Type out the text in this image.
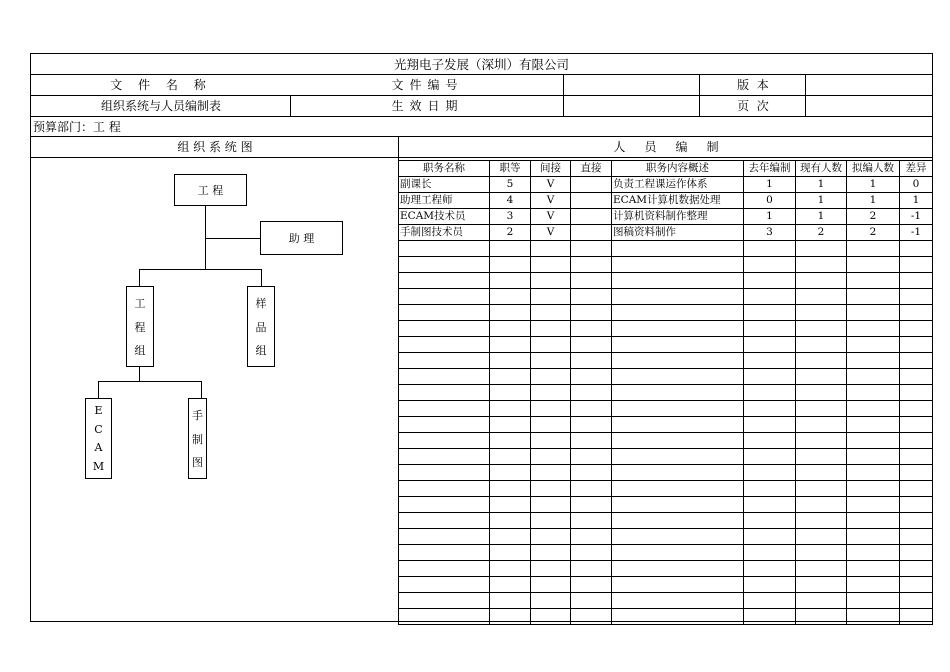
光翔电子发展（深圳）有限公司
文 件 名 称	文件编号	版  本
组织系统与人员编制表	生效日期	页  次
预算部门：工 程
组 织 系 统 图	人     员     编     制
工 程
助 理
工
程
组
样
品
组
E
C
A
M
手
制
图
职务名称	职等	间接	直接	职务内容概述	去年编制	现有人数	拟编人数	差异
副课长	5	V		负责工程课运作体系	1	1	1	0
助理工程师	4	V		ECAM计算机数据处理	0	1	1	1
ECAM技术员	3	V		计算机资料制作整理	1	1	2	-1
手制图技术员	2	V		图稿资料制作	3	2	2	-1
